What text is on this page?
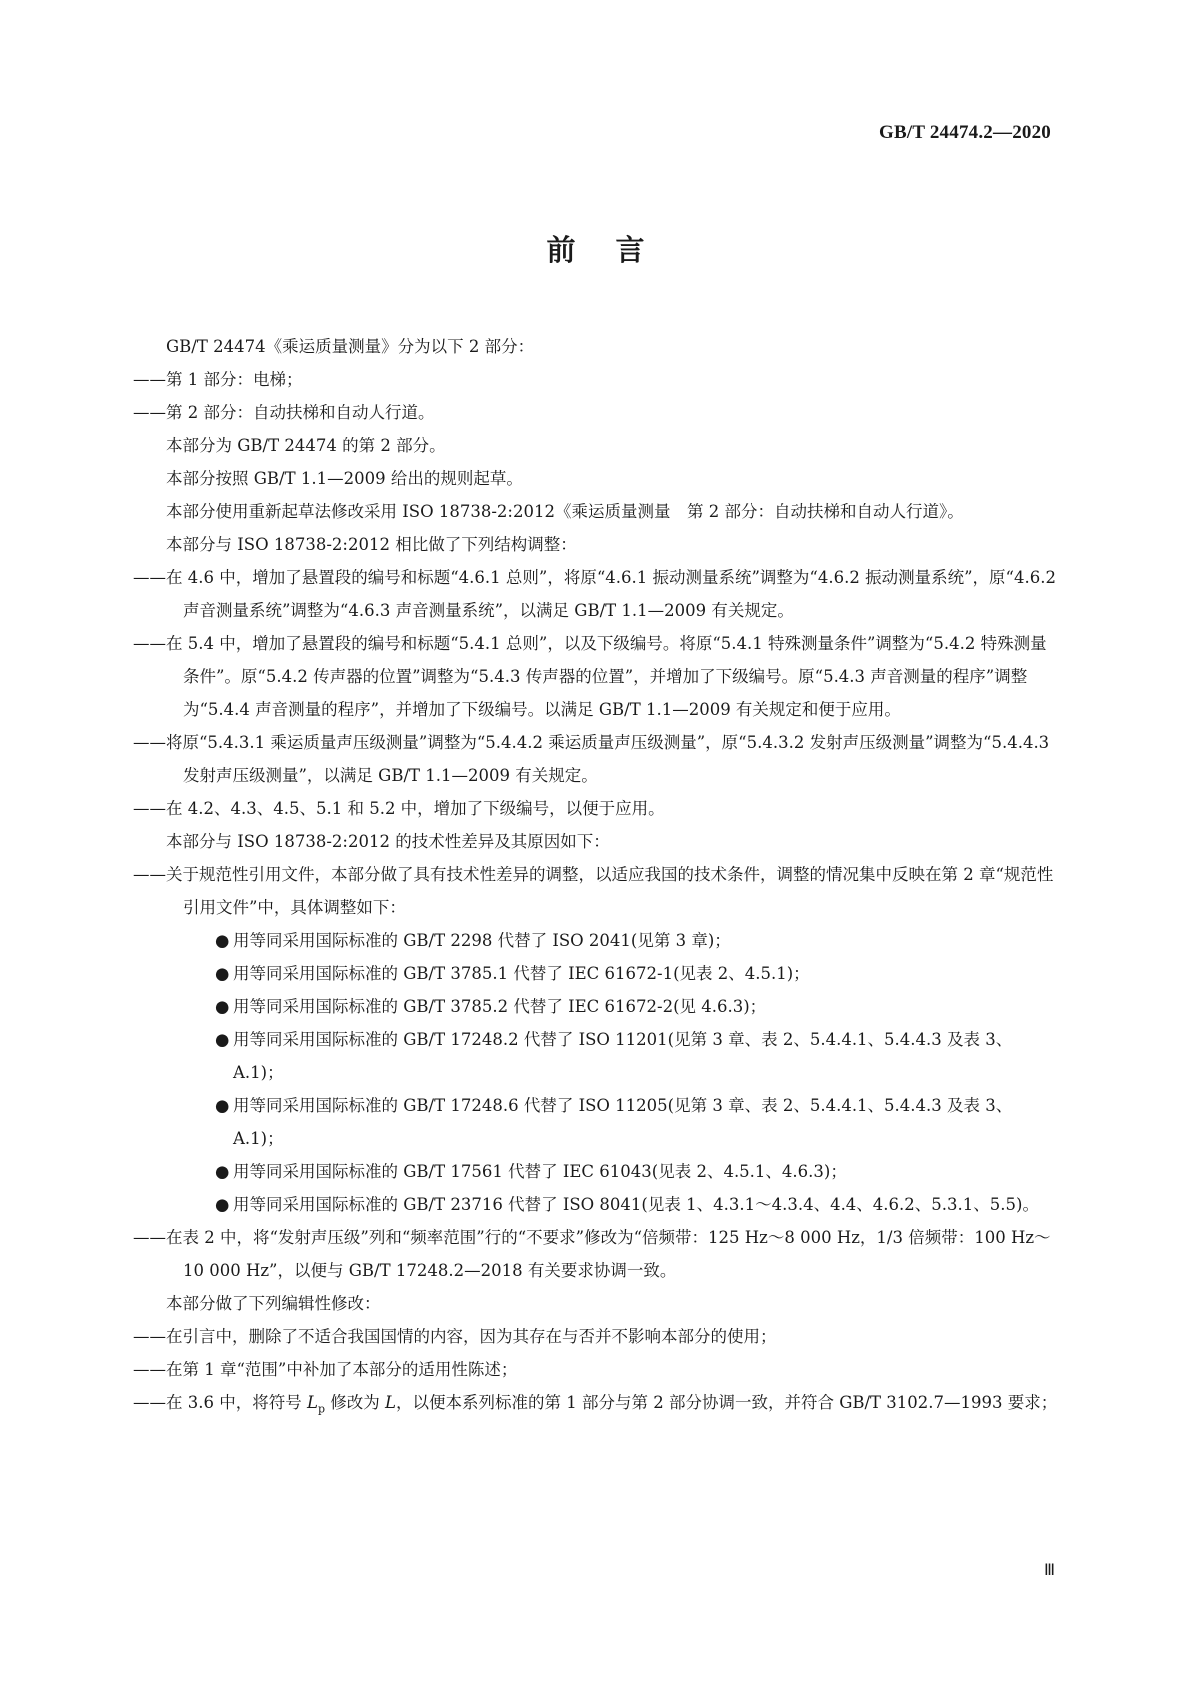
GB/T 24474.2—2020
前言

GB/T 24474《乘运质量测量》分为以下 2 部分：

——第 1 部分：电梯；

——第 2 部分：自动扶梯和自动人行道。

本部分为 GB/T 24474 的第 2 部分。

本部分按照 GB/T 1.1—2009 给出的规则起草。

本部分使用重新起草法修改采用 ISO 18738-2:2012《乘运质量测量　第 2 部分：自动扶梯和自动人行道》。

本部分与 ISO 18738-2:2012 相比做了下列结构调整：

——在 4.6 中，增加了悬置段的编号和标题“4.6.1 总则”，将原“4.6.1 振动测量系统”调整为“4.6.2 振动测量系统”，原“4.6.2 声音测量系统”调整为“4.6.3 声音测量系统”，以满足 GB/T 1.1—2009 有关规定。

——在 5.4 中，增加了悬置段的编号和标题“5.4.1 总则”，以及下级编号。将原“5.4.1 特殊测量条件”调整为“5.4.2 特殊测量条件”。原“5.4.2 传声器的位置”调整为“5.4.3 传声器的位置”，并增加了下级编号。原“5.4.3 声音测量的程序”调整为“5.4.4 声音测量的程序”，并增加了下级编号。以满足 GB/T 1.1—2009 有关规定和便于应用。

——将原“5.4.3.1 乘运质量声压级测量”调整为“5.4.4.2 乘运质量声压级测量”，原“5.4.3.2 发射声压级测量”调整为“5.4.4.3 发射声压级测量”，以满足 GB/T 1.1—2009 有关规定。

——在 4.2、4.3、4.5、5.1 和 5.2 中，增加了下级编号，以便于应用。

本部分与 ISO 18738-2:2012 的技术性差异及其原因如下：

——关于规范性引用文件，本部分做了具有技术性差异的调整，以适应我国的技术条件，调整的情况集中反映在第 2 章“规范性引用文件”中，具体调整如下：

● 用等同采用国际标准的 GB/T 2298 代替了 ISO 2041(见第 3 章)；

● 用等同采用国际标准的 GB/T 3785.1 代替了 IEC 61672-1(见表 2、4.5.1)；

● 用等同采用国际标准的 GB/T 3785.2 代替了 IEC 61672-2(见 4.6.3)；

● 用等同采用国际标准的 GB/T 17248.2 代替了 ISO 11201(见第 3 章、表 2、5.4.4.1、5.4.4.3 及表 3、A.1)；

● 用等同采用国际标准的 GB/T 17248.6 代替了 ISO 11205(见第 3 章、表 2、5.4.4.1、5.4.4.3 及表 3、A.1)；

● 用等同采用国际标准的 GB/T 17561 代替了 IEC 61043(见表 2、4.5.1、4.6.3)；

● 用等同采用国际标准的 GB/T 23716 代替了 ISO 8041(见表 1、4.3.1～4.3.4、4.4、4.6.2、5.3.1、5.5)。

——在表 2 中，将“发射声压级”列和“频率范围”行的“不要求”修改为“倍频带：125 Hz～8 000 Hz，1/3 倍频带：100 Hz～10 000 Hz”，以便与 GB/T 17248.2—2018 有关要求协调一致。

本部分做了下列编辑性修改：

——在引言中，删除了不适合我国国情的内容，因为其存在与否并不影响本部分的使用；

——在第 1 章“范围”中补加了本部分的适用性陈述；

——在 3.6 中，将符号 $L_p$ 修改为 L，以便本系列标准的第 1 部分与第 2 部分协调一致，并符合 GB/T 3102.7—1993 要求；

Ⅲ
